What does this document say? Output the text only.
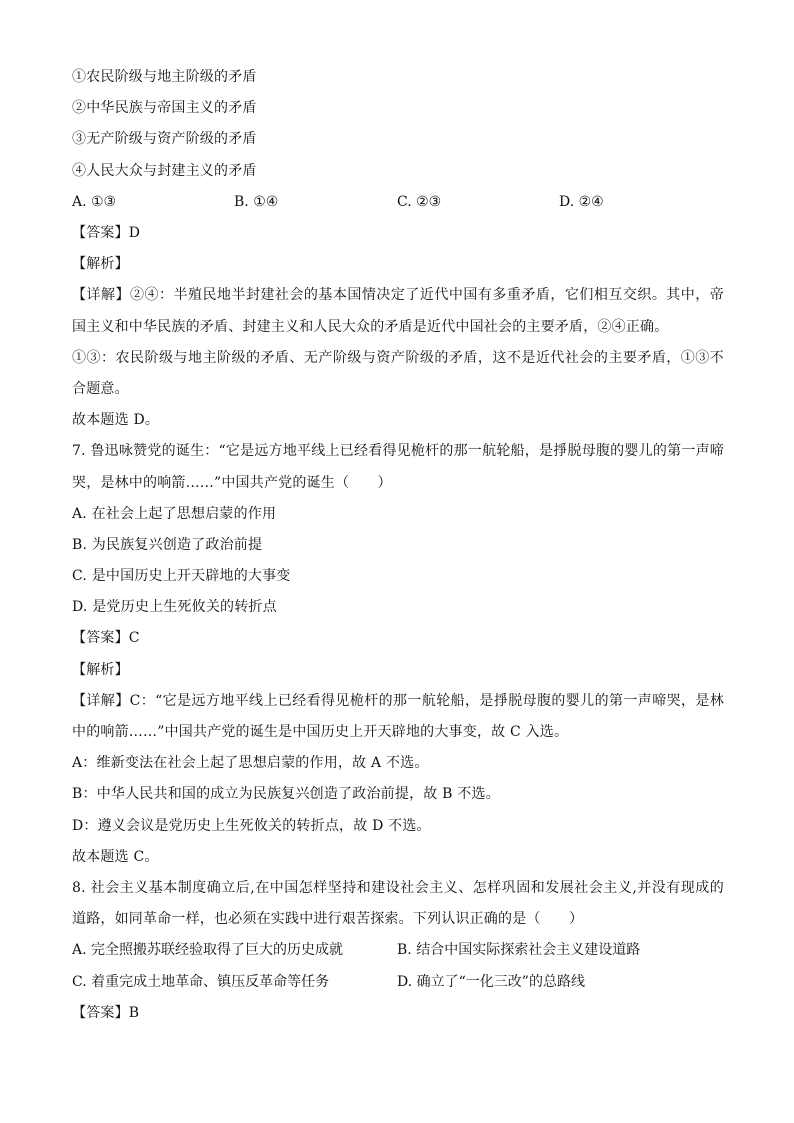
①农民阶级与地主阶级的矛盾
②中华民族与帝国主义的矛盾
③无产阶级与资产阶级的矛盾
④人民大众与封建主义的矛盾
A. ①③	B. ①④	C. ②③	D. ②④
【答案】D
【解析】
【详解】②④：半殖民地半封建社会的基本国情决定了近代中国有多重矛盾，它们相互交织。其中，帝国主义和中华民族的矛盾、封建主义和人民大众的矛盾是近代中国社会的主要矛盾，②④正确。
①③：农民阶级与地主阶级的矛盾、无产阶级与资产阶级的矛盾，这不是近代社会的主要矛盾，①③不合题意。
故本题选 D。
7. 鲁迅咏赞党的诞生：“它是远方地平线上已经看得见桅杆的那一航轮船，是掙脱母腹的婴儿的第一声啼哭，是林中的响箭……”中国共产党的诞生（　　）
A. 在社会上起了思想启蒙的作用
B. 为民族复兴创造了政治前提
C. 是中国历史上开天辟地的大事变
D. 是党历史上生死攸关的转折点
【答案】C
【解析】
【详解】C：“它是远方地平线上已经看得见桅杆的那一航轮船，是掙脱母腹的婴儿的第一声啼哭，是林中的响箭……”中国共产党的诞生是中国历史上开天辟地的大事变，故 C 入选。
A：维新变法在社会上起了思想启蒙的作用，故 A 不选。
B：中华人民共和国的成立为民族复兴创造了政治前提，故 B 不选。
D：遵义会议是党历史上生死攸关的转折点，故 D 不选。
故本题选 C。
8. 社会主义基本制度确立后,在中国怎样坚持和建设社会主义、怎样巩固和发展社会主义,并没有现成的道路，如同革命一样，也必须在实践中进行艰苦探索。下列认识正确的是（　　）
A. 完全照搬苏联经验取得了巨大的历史成就	B. 结合中国实际探索社会主义建设道路
C. 着重完成土地革命、镇压反革命等任务	D. 确立了“一化三改”的总路线
【答案】B
